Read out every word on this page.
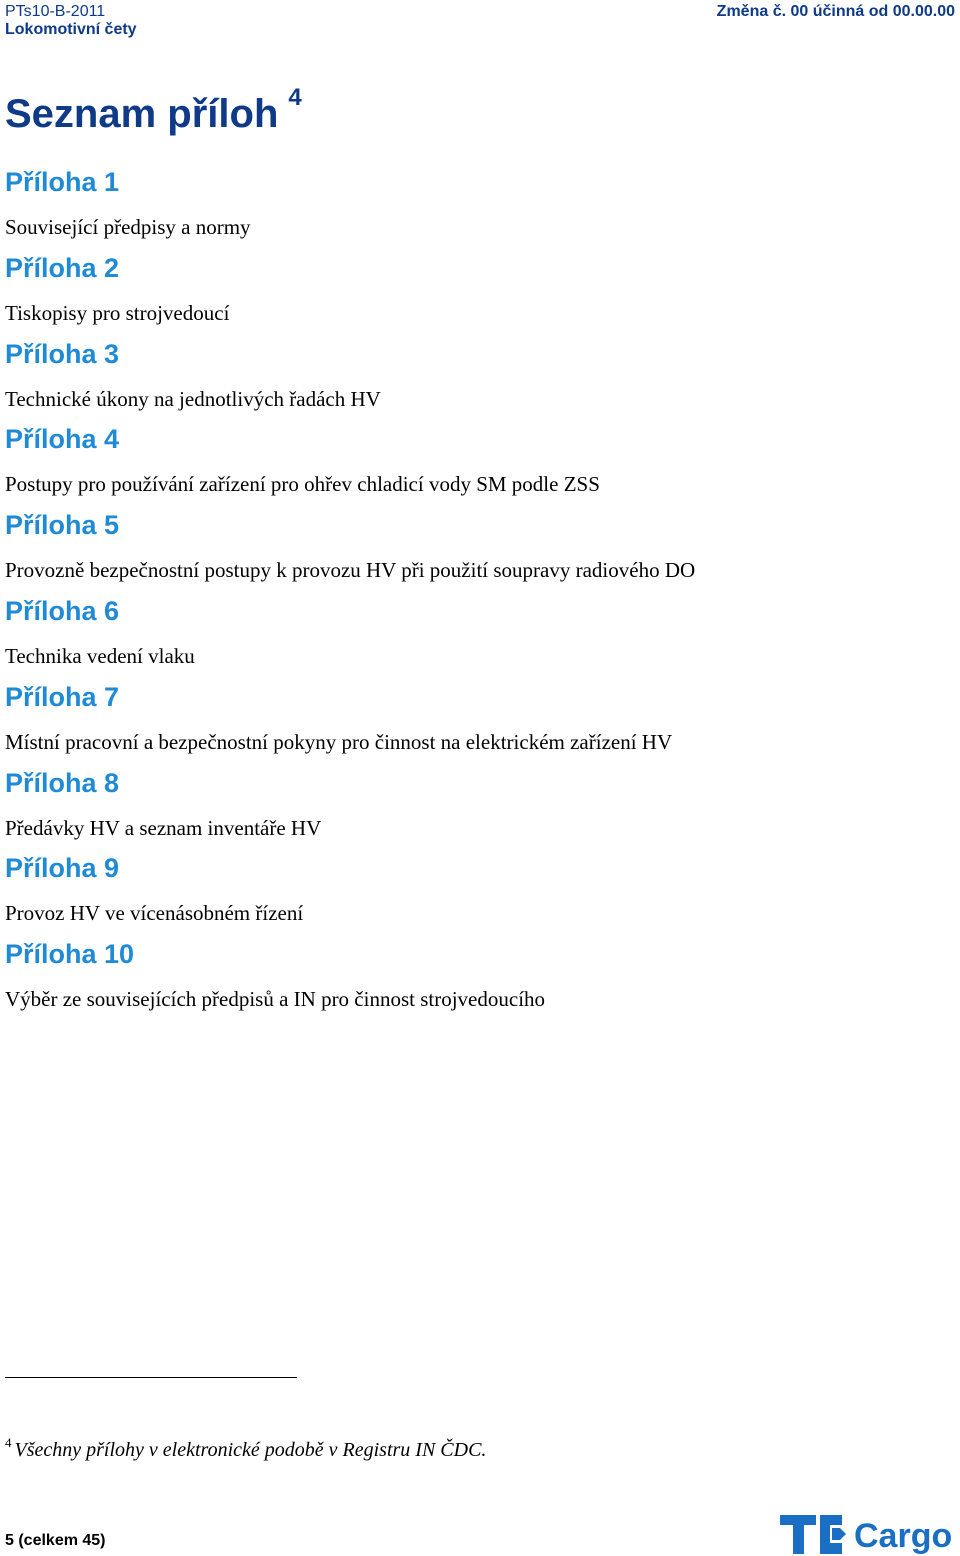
PTs10-B-2011
Lokomotivní čety
Změna č. 00 účinná od 00.00.00
Seznam příloh $^4$
Příloha 1
Související předpisy a normy
Příloha 2
Tiskopisy pro strojvedoucí
Příloha 3
Technické úkony na jednotlivých řadách HV
Příloha 4
Postupy pro používání zařízení pro ohřev chladicí vody SM podle ZSS
Příloha 5
Provozně bezpečnostní postupy k provozu HV při použití soupravy radiového DO
Příloha 6
Technika vedení vlaku
Příloha 7
Místní pracovní a bezpečnostní pokyny pro činnost na elektrickém zařízení HV
Příloha 8
Předávky HV a seznam inventáře HV
Příloha 9
Provoz HV ve vícenásobném řízení
Příloha 10
Výběr ze souvisejících předpisů a IN pro činnost strojvedoucího
$^4$ Všechny přílohy v elektronické podobě v Registru IN ČDC.
5 (celkem 45)	Cargo
